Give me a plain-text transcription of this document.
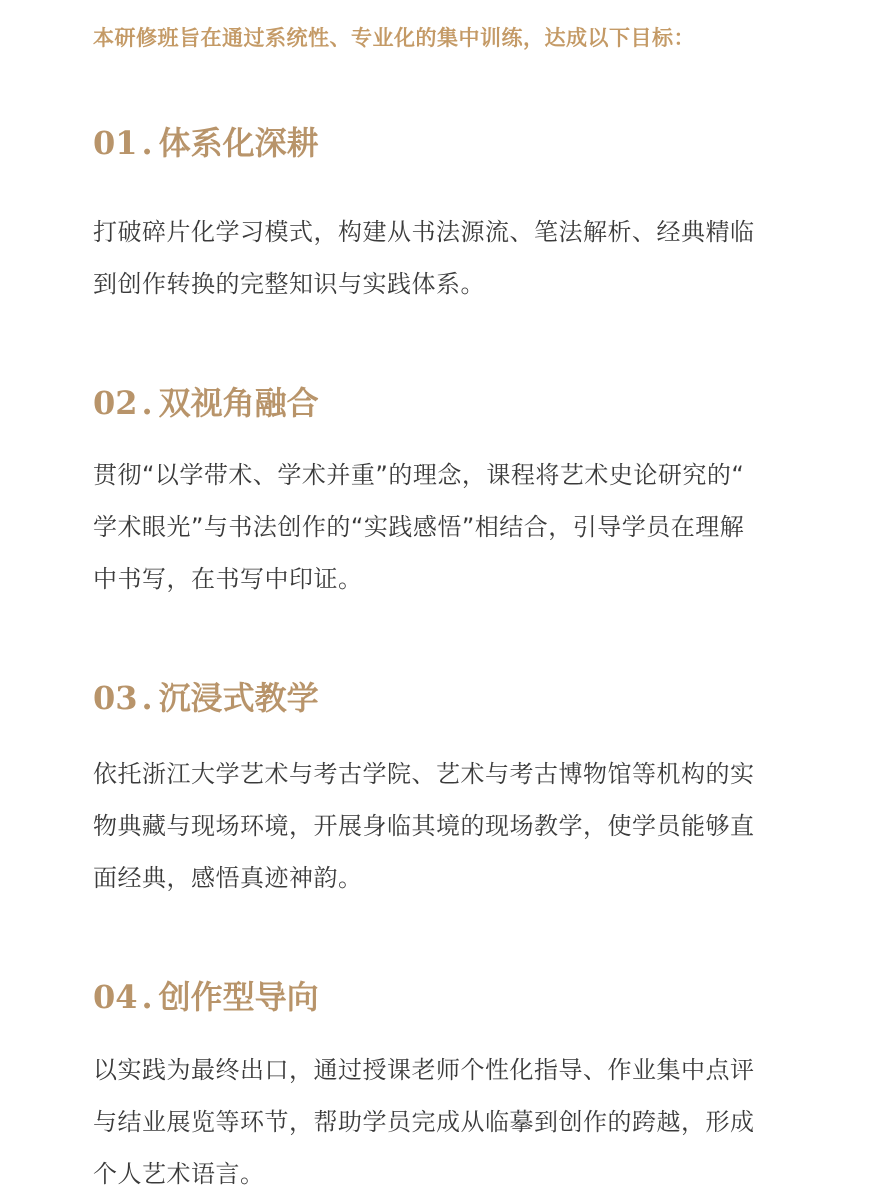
本研修班旨在通过系统性、专业化的集中训练，达成以下目标：
01 . 体系化深耕
打破碎片化学习模式，构建从书法源流、笔法解析、经典精临
到创作转换的完整知识与实践体系。
02 . 双视角融合
贯彻“以学带术、学术并重”的理念，课程将艺术史论研究的“
学术眼光”与书法创作的“实践感悟”相结合，引导学员在理解
中书写，在书写中印证。
03 . 沉浸式教学
依托浙江大学艺术与考古学院、艺术与考古博物馆等机构的实
物典藏与现场环境，开展身临其境的现场教学，使学员能够直
面经典，感悟真迹神韵。
04 . 创作型导向
以实践为最终出口，通过授课老师个性化指导、作业集中点评
与结业展览等环节，帮助学员完成从临摹到创作的跨越，形成
个人艺术语言。
